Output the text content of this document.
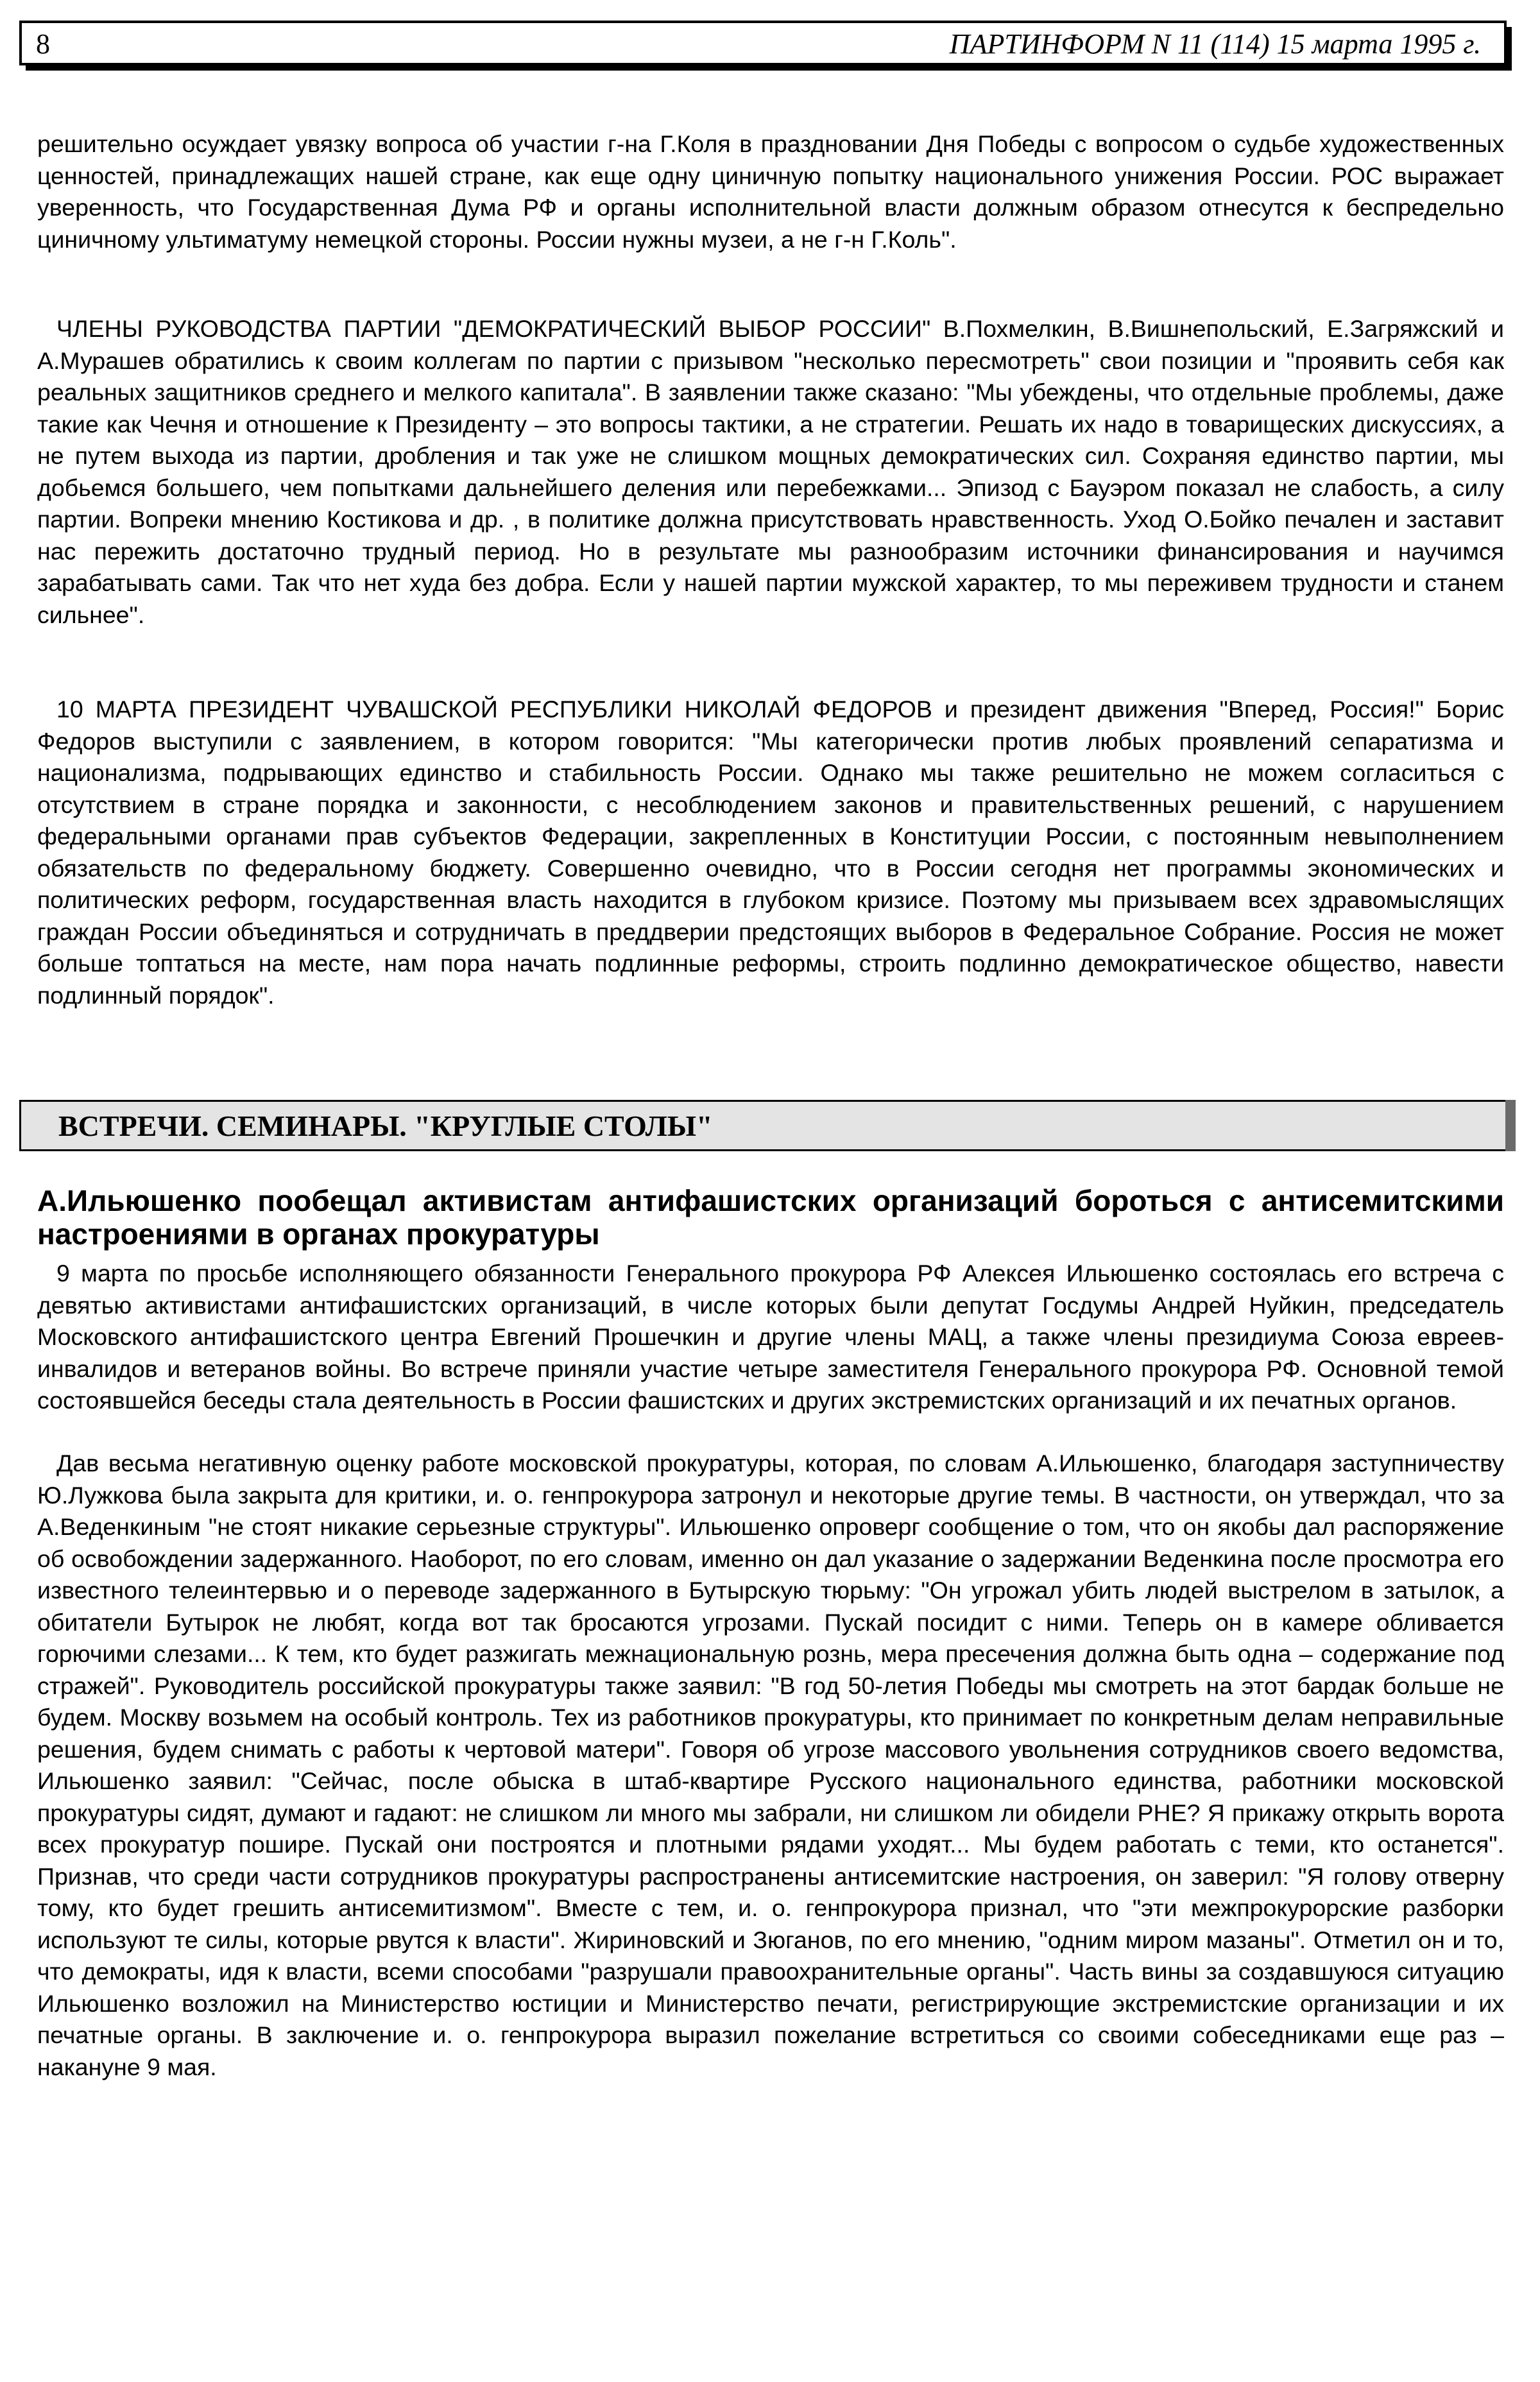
8	ПАРТИНФОРМ N 11 (114) 15 марта 1995 г.

решительно осуждает увязку вопроса об участии г-на Г.Коля в праздновании Дня Победы с вопросом о судьбе художественных ценностей, принадлежащих нашей стране, как еще одну циничную попытку национального унижения России. РОС выражает уверенность, что Государственная Дума РФ и органы исполнительной власти должным образом отнесутся к беспредельно циничному ультиматуму немецкой стороны. России нужны музеи, а не г-н Г.Коль".

ЧЛЕНЫ РУКОВОДСТВА ПАРТИИ "ДЕМОКРАТИЧЕСКИЙ ВЫБОР РОССИИ" В.Похмелкин, В.Вишнепольский, Е.Загряжский и А.Мурашев обратились к своим коллегам по партии с призывом "несколько пересмотреть" свои позиции и "проявить себя как реальных защитников среднего и мелкого капитала". В заявлении также сказано: "Мы убеждены, что отдельные проблемы, даже такие как Чечня и отношение к Президенту – это вопросы тактики, а не стратегии. Решать их надо в товарищеских дискуссиях, а не путем выхода из партии, дробления и так уже не слишком мощных демократических сил. Сохраняя единство партии, мы добьемся большего, чем попытками дальнейшего деления или перебежками... Эпизод с Бауэром показал не слабость, а силу партии. Вопреки мнению Костикова и др. , в политике должна присутствовать нравственность. Уход О.Бойко печален и заставит нас пережить достаточно трудный период. Но в результате мы разнообразим источники финансирования и научимся зарабатывать сами. Так что нет худа без добра. Если у нашей партии мужской характер, то мы переживем трудности и станем сильнее".

10 МАРТА ПРЕЗИДЕНТ ЧУВАШСКОЙ РЕСПУБЛИКИ НИКОЛАЙ ФЕДОРОВ и президент движения "Вперед, Россия!" Борис Федоров выступили с заявлением, в котором говорится: "Мы категорически против любых проявлений сепаратизма и национализма, подрывающих единство и стабильность России. Однако мы также решительно не можем согласиться с отсутствием в стране порядка и законности, с несоблюдением законов и правительственных решений, с нарушением федеральными органами прав субъектов Федерации, закрепленных в Конституции России, с постоянным невыполнением обязательств по федеральному бюджету. Совершенно очевидно, что в России сегодня нет программы экономических и политических реформ, государственная власть находится в глубоком кризисе. Поэтому мы призываем всех здравомыслящих граждан России объединяться и сотрудничать в преддверии предстоящих выборов в Федеральное Собрание. Россия не может больше топтаться на месте, нам пора начать подлинные реформы, строить подлинно демократическое общество, навести подлинный порядок".

ВСТРЕЧИ. СЕМИНАРЫ. "КРУГЛЫЕ СТОЛЫ"
А.Ильюшенко пообещал активистам антифашистских организаций бороться с антисемитскими настроениями в органах прокуратуры

9 марта по просьбе исполняющего обязанности Генерального прокурора РФ Алексея Ильюшенко состоялась его встреча с девятью активистами антифашистских организаций, в числе которых были депутат Госдумы Андрей Нуйкин, председатель Московского антифашистского центра Евгений Прошечкин и другие члены МАЦ, а также члены президиума Союза евреев-инвалидов и ветеранов войны. Во встрече приняли участие четыре заместителя Генерального прокурора РФ. Основной темой состоявшейся беседы стала деятельность в России фашистских и других экстремистских организаций и их печатных органов.

Дав весьма негативную оценку работе московской прокуратуры, которая, по словам А.Ильюшенко, благодаря заступничеству Ю.Лужкова была закрыта для критики, и. о. генпрокурора затронул и некоторые другие темы. В частности, он утверждал, что за А.Веденкиным "не стоят никакие серьезные структуры". Ильюшенко опроверг сообщение о том, что он якобы дал распоряжение об освобождении задержанного. Наоборот, по его словам, именно он дал указание о задержании Веденкина после просмотра его известного телеинтервью и о переводе задержанного в Бутырскую тюрьму: "Он угрожал убить людей выстрелом в затылок, а обитатели Бутырок не любят, когда вот так бросаются угрозами. Пускай посидит с ними. Теперь он в камере обливается горючими слезами... К тем, кто будет разжигать межнациональную рознь, мера пресечения должна быть одна – содержание под стражей". Руководитель российской прокуратуры также заявил: "В год 50-летия Победы мы смотреть на этот бардак больше не будем. Москву возьмем на особый контроль. Тех из работников прокуратуры, кто принимает по конкретным делам неправильные решения, будем снимать с работы к чертовой матери". Говоря об угрозе массового увольнения сотрудников своего ведомства, Ильюшенко заявил: "Сейчас, после обыска в штаб-квартире Русского национального единства, работники московской прокуратуры сидят, думают и гадают: не слишком ли много мы забрали, ни слишком ли обидели РНЕ? Я прикажу открыть ворота всех прокуратур пошире. Пускай они построятся и плотными рядами уходят... Мы будем работать с теми, кто останется". Признав, что среди части сотрудников прокуратуры распространены антисемитские настроения, он заверил: "Я голову отверну тому, кто будет грешить антисемитизмом". Вместе с тем, и. о. генпрокурора признал, что "эти межпрокурорские разборки используют те силы, которые рвутся к власти". Жириновский и Зюганов, по его мнению, "одним миром мазаны". Отметил он и то, что демократы, идя к власти, всеми способами "разрушали правоохранительные органы". Часть вины за создавшуюся ситуацию Ильюшенко возложил на Министерство юстиции и Министерство печати, регистрирующие экстремистские организации и их печатные органы. В заключение и. о. генпрокурора выразил пожелание встретиться со своими собеседниками еще раз – накануне 9 мая.
